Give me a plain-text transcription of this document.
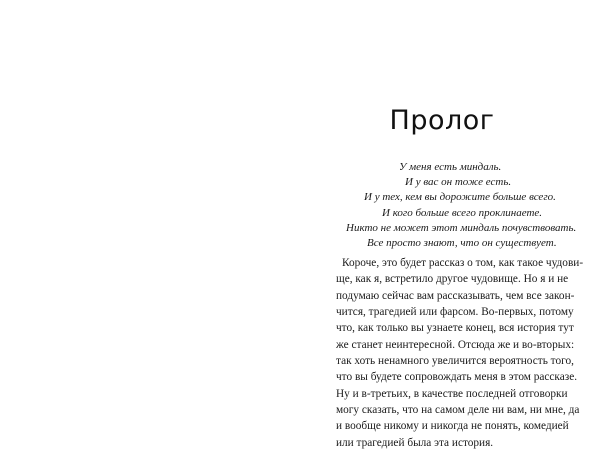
Пролог
У меня есть миндаль.
И у вас он тоже есть.
И у тех, кем вы дорожите больше всего.
И кого больше всего проклинаете.
Никто не может этот миндаль почувствовать.
Все просто знают, что он существует.
Короче, это будет рассказ о том, как такое чудови-
ще, как я, встретило другое чудовище. Но я и не
подумаю сейчас вам рассказывать, чем все закон-
чится, трагедией или фарсом. Во-первых, потому
что, как только вы узнаете конец, вся история тут
же станет неинтересной. Отсюда же и во-вторых:
так хоть ненамного увеличится вероятность того,
что вы будете сопровождать меня в этом рассказе.
Ну и в-третьих, в качестве последней отговорки
могу сказать, что на самом деле ни вам, ни мне, да
и вообще никому и никогда не понять, комедией
или трагедией была эта история.
